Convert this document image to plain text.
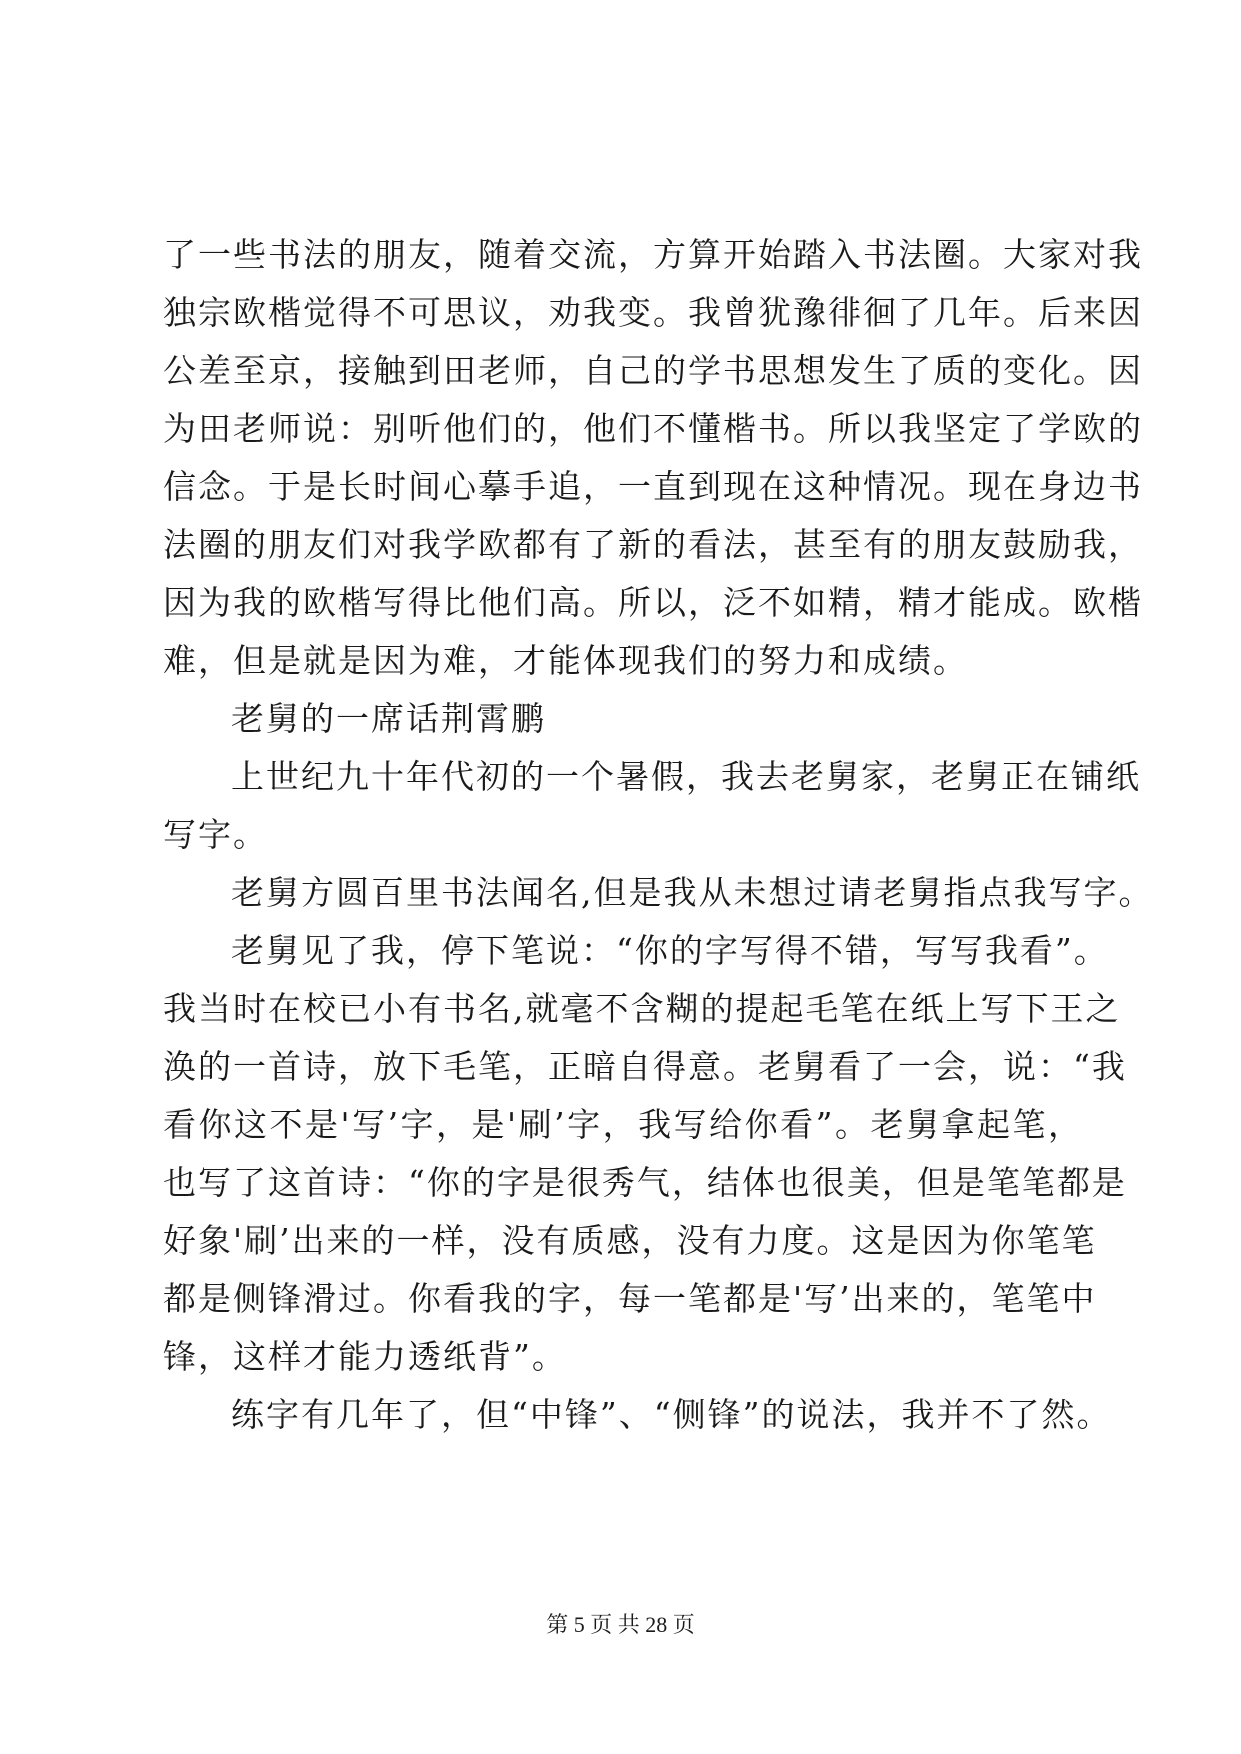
了一些书法的朋友，随着交流，方算开始踏入书法圈。大家对我
独宗欧楷觉得不可思议，劝我变。我曾犹豫徘徊了几年。后来因
公差至京，接触到田老师，自己的学书思想发生了质的变化。因
为田老师说：别听他们的，他们不懂楷书。所以我坚定了学欧的
信念。于是长时间心摹手追，一直到现在这种情况。现在身边书
法圈的朋友们对我学欧都有了新的看法，甚至有的朋友鼓励我，
因为我的欧楷写得比他们高。所以，泛不如精，精才能成。欧楷
难，但是就是因为难，才能体现我们的努力和成绩。
老舅的一席话荆霄鹏
上世纪九十年代初的一个暑假，我去老舅家，老舅正在铺纸
写字。
老舅方圆百里书法闻名,但是我从未想过请老舅指点我写字。
老舅见了我，停下笔说：“你的字写得不错，写写我看”。
我当时在校已小有书名,就毫不含糊的提起毛笔在纸上写下王之
涣的一首诗，放下毛笔，正暗自得意。老舅看了一会，说：“我
看你这不是'写’字，是'刷’字，我写给你看”。老舅拿起笔，
也写了这首诗：“你的字是很秀气，结体也很美，但是笔笔都是
好象'刷’出来的一样，没有质感，没有力度。这是因为你笔笔
都是侧锋滑过。你看我的字，每一笔都是'写’出来的，笔笔中
锋，这样才能力透纸背”。
练字有几年了，但“中锋”、“侧锋”的说法，我并不了然。
第 5 页 共 28 页
